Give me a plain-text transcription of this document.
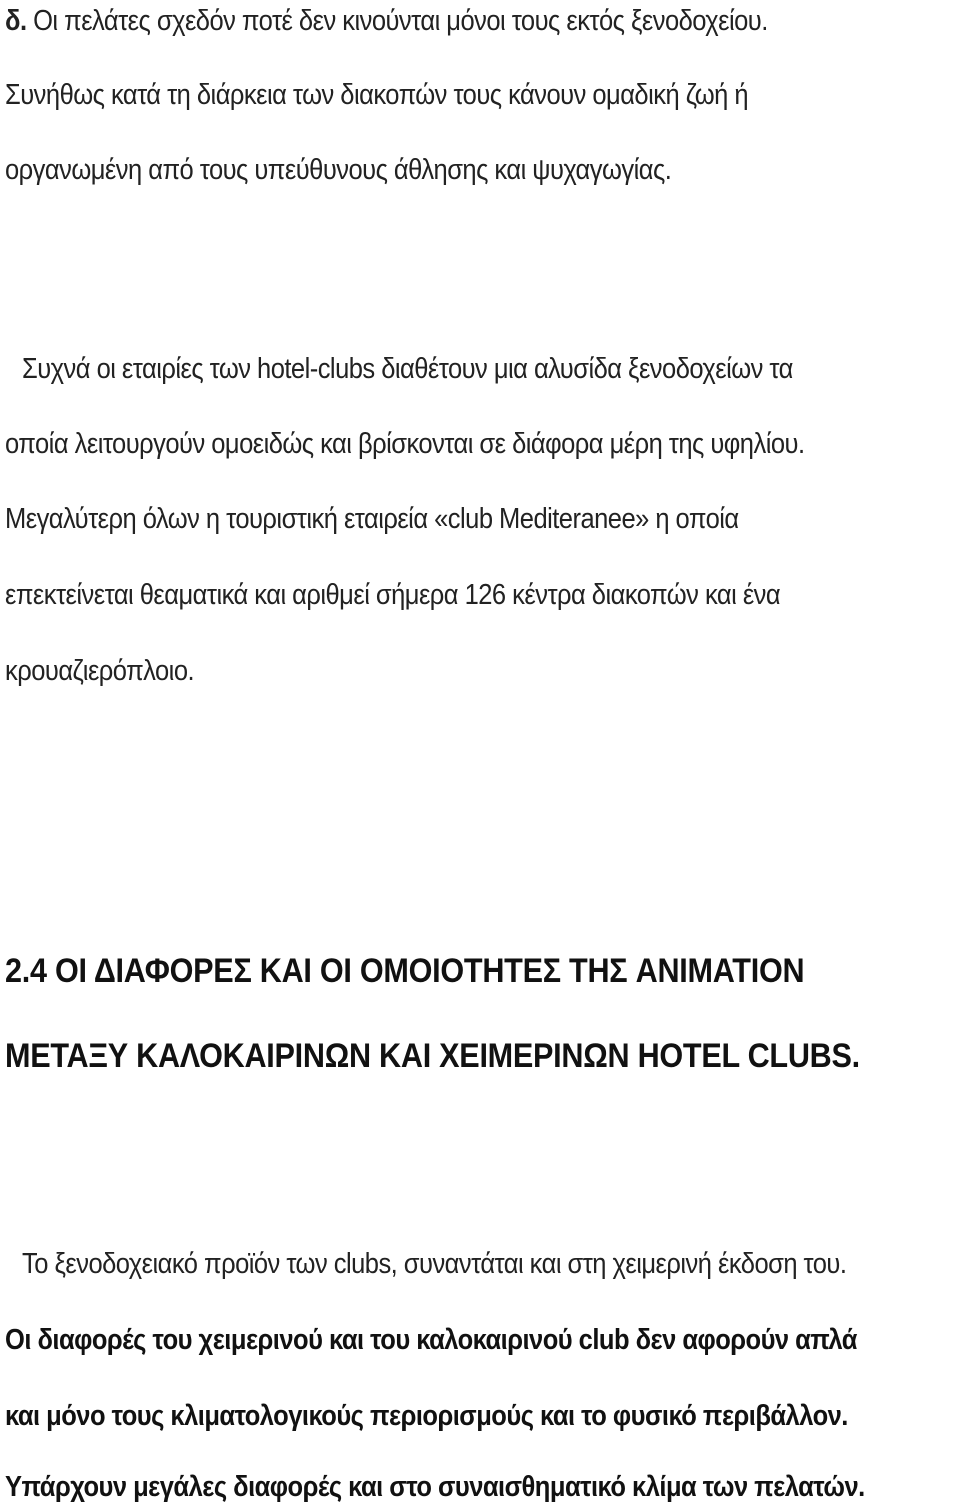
δ. Οι πελάτες σχεδόν ποτέ δεν κινούνται μόνοι τους εκτός ξενοδοχείου.
Συνήθως κατά τη διάρκεια των διακοπών τους κάνουν ομαδική ζωή ή
οργανωμένη από τους υπεύθυνους άθλησης και ψυχαγωγίας.
Συχνά οι εταιρίες των hotel-clubs διαθέτουν μια αλυσίδα ξενοδοχείων τα
οποία λειτουργούν ομοειδώς και βρίσκονται σε διάφορα μέρη της υφηλίου.
Μεγαλύτερη όλων η τουριστική εταιρεία «club Mediteranee» η οποία
επεκτείνεται θεαματικά και αριθμεί σήμερα 126 κέντρα διακοπών και ένα
κρουαζιερόπλοιο.
2.4 ΟΙ ΔΙΑΦΟΡΕΣ ΚΑΙ ΟΙ ΟΜΟΙΟΤΗΤΕΣ ΤΗΣ ANIMATION
ΜΕΤΑΞΥ ΚΑΛΟΚΑΙΡΙΝΩΝ ΚΑΙ ΧΕΙΜΕΡΙΝΩΝ HOTEL CLUBS.
Το ξενοδοχειακό προϊόν των clubs, συναντάται και στη χειμερινή έκδοση του.
Οι διαφορές του χειμερινού και του καλοκαιρινού club δεν αφορούν απλά
και μόνο τους κλιματολογικούς περιορισμούς και το φυσικό περιβάλλον.
Υπάρχουν μεγάλες διαφορές και στο συναισθηματικό κλίμα των πελατών.
